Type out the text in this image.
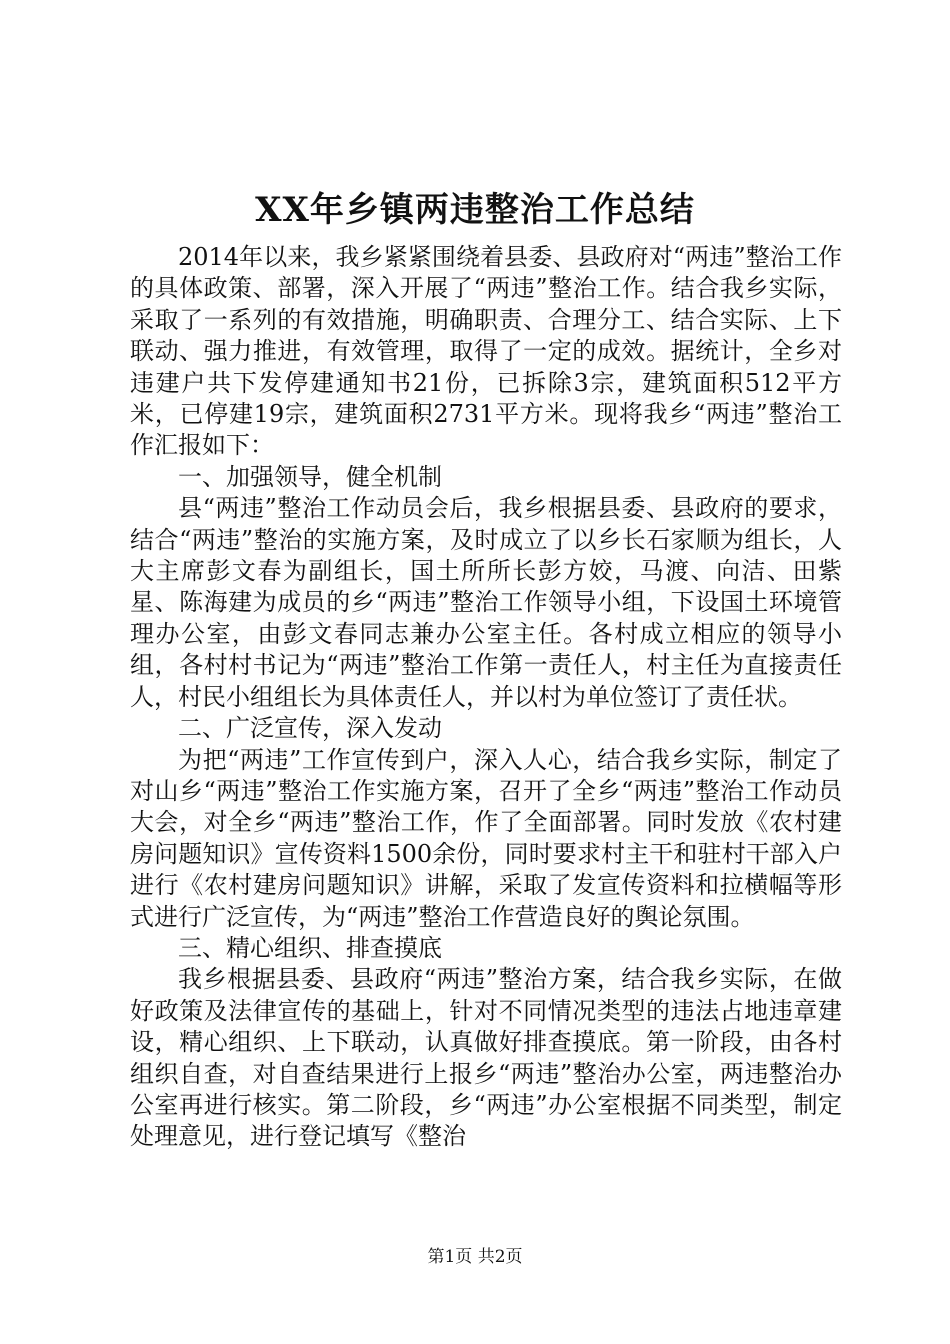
XX年乡镇两违整治工作总结

2014年以来，我乡紧紧围绕着县委、县政府对“两违”整治工作的具体政策、部署，深入开展了“两违”整治工作。结合我乡实际，采取了一系列的有效措施，明确职责、合理分工、结合实际、上下联动、强力推进，有效管理，取得了一定的成效。据统计，全乡对违建户共下发停建通知书21份，已拆除3宗，建筑面积512平方米，已停建19宗，建筑面积2731平方米。现将我乡“两违”整治工作汇报如下：

一、加强领导，健全机制

县“两违”整治工作动员会后，我乡根据县委、县政府的要求，结合“两违”整治的实施方案，及时成立了以乡长石家顺为组长，人大主席彭文春为副组长，国土所所长彭方姣，马渡、向洁、田紫星、陈海建为成员的乡“两违”整治工作领导小组，下设国土环境管理办公室，由彭文春同志兼办公室主任。各村成立相应的领导小组，各村村书记为“两违”整治工作第一责任人，村主任为直接责任人，村民小组组长为具体责任人，并以村为单位签订了责任状。

二、广泛宣传，深入发动

为把“两违”工作宣传到户，深入人心，结合我乡实际，制定了对山乡“两违”整治工作实施方案，召开了全乡“两违”整治工作动员大会，对全乡“两违”整治工作，作了全面部署。同时发放《农村建房问题知识》宣传资料1500余份，同时要求村主干和驻村干部入户进行《农村建房问题知识》讲解，采取了发宣传资料和拉横幅等形式进行广泛宣传，为“两违”整治工作营造良好的舆论氛围。

三、精心组织、排查摸底

我乡根据县委、县政府“两违”整治方案，结合我乡实际，在做好政策及法律宣传的基础上，针对不同情况类型的违法占地违章建设，精心组织、上下联动，认真做好排查摸底。第一阶段，由各村组织自查，对自查结果进行上报乡“两违”整治办公室，两违整治办公室再进行核实。第二阶段，乡“两违”办公室根据不同类型，制定处理意见，进行登记填写《整治

第1页 共2页
